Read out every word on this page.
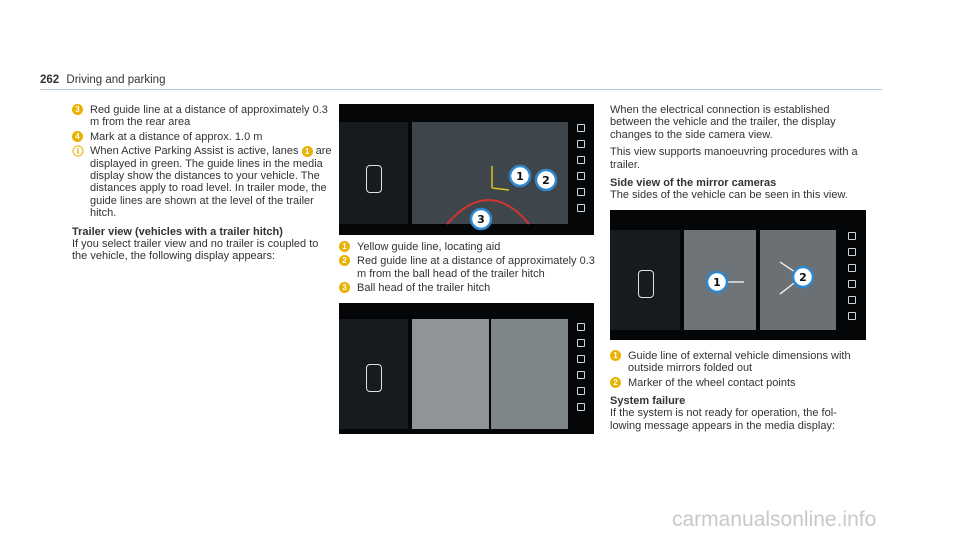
262 Driving and parking
3 Red guide line at a distance of approximately 0.3 m from the rear area
4 Mark at a distance of approx. 1.0 m
i When Active Parking Assist is active, lanes 1 are displayed in green. The guide lines in the media display show the distances to your vehicle. The distances apply to road level. In trailer mode, the guide lines are shown at the level of the trailer hitch.
Trailer view (vehicles with a trailer hitch)
If you select trailer view and no trailer is coupled to the vehicle, the following display appears:
1 2
3
1 Yellow guide line, locating aid
2 Red guide line at a distance of approximately 0.3 m from the ball head of the trailer hitch
3 Ball head of the trailer hitch
When the electrical connection is established between the vehicle and the trailer, the display changes to the side camera view.
This view supports manoeuvring procedures with a trailer.
Side view of the mirror cameras
The sides of the vehicle can be seen in this view.
1	2
1 Guide line of external vehicle dimensions with outside mirrors folded out
2 Marker of the wheel contact points
System failure
If the system is not ready for operation, the fol- lowing message appears in the media display:
carmanualsonline.info
